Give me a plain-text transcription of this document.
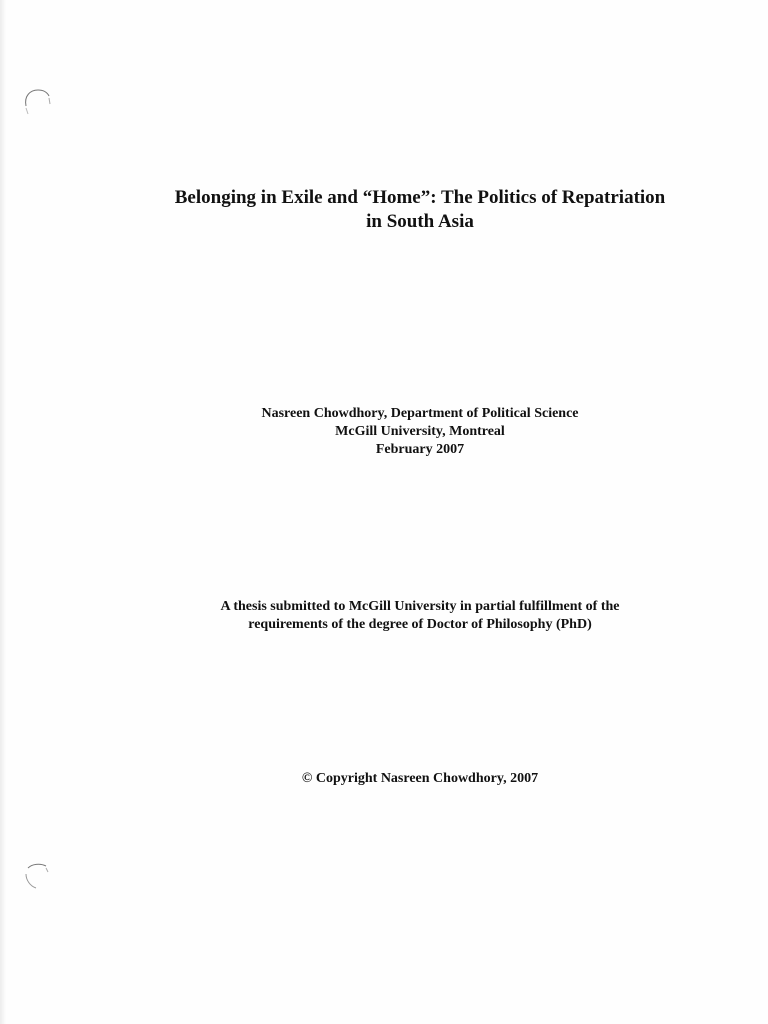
Belonging in Exile and “Home”: The Politics of Repatriation
in South Asia
Nasreen Chowdhory, Department of Political Science
McGill University, Montreal
February 2007
A thesis submitted to McGill University in partial fulfillment of the
requirements of the degree of Doctor of Philosophy (PhD)
© Copyright Nasreen Chowdhory, 2007
